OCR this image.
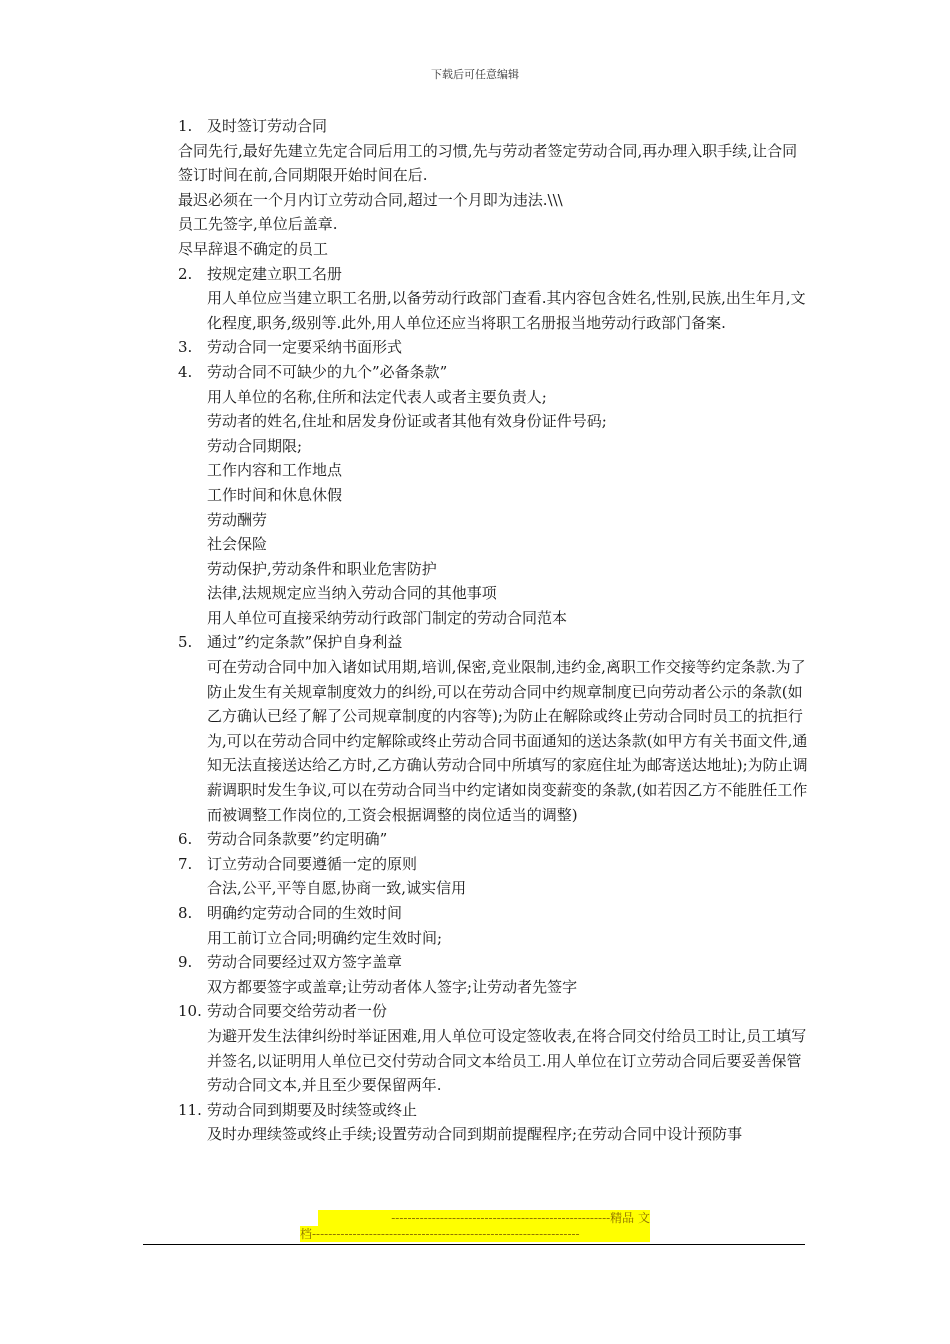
下载后可任意编辑
1. 及时签订劳动合同

合同先行,最好先建立先定合同后用工的习惯,先与劳动者签定劳动合同,再办理入职手续,让合同签订时间在前,合同期限开始时间在后.

最迟必须在一个月内订立劳动合同,超过一个月即为违法.\\\

员工先签字,单位后盖章.

尽早辞退不确定的员工

2. 按规定建立职工名册
用人单位应当建立职工名册,以备劳动行政部门查看.其内容包含姓名,性别,民族,出生年月,文化程度,职务,级别等.此外,用人单位还应当将职工名册报当地劳动行政部门备案.
3. 劳动合同一定要采纳书面形式
4. 劳动合同不可缺少的九个”必备条款”
用人单位的名称,住所和法定代表人或者主要负责人;
劳动者的姓名,住址和居发身份证或者其他有效身份证件号码;
劳动合同期限;
工作内容和工作地点
工作时间和休息休假
劳动酬劳
社会保险
劳动保护,劳动条件和职业危害防护
法律,法规规定应当纳入劳动合同的其他事项
用人单位可直接采纳劳动行政部门制定的劳动合同范本
5. 通过”约定条款”保护自身利益
可在劳动合同中加入诸如试用期,培训,保密,竞业限制,违约金,离职工作交接等约定条款.为了防止发生有关规章制度效力的纠纷,可以在劳动合同中约规章制度已向劳动者公示的条款(如乙方确认已经了解了公司规章制度的内容等);为防止在解除或终止劳动合同时员工的抗拒行为,可以在劳动合同中约定解除或终止劳动合同书面通知的送达条款(如甲方有关书面文件,通知无法直接送达给乙方时,乙方确认劳动合同中所填写的家庭住址为邮寄送达地址);为防止调薪调职时发生争议,可以在劳动合同当中约定诸如岗变薪变的条款,(如若因乙方不能胜任工作而被调整工作岗位的,工资会根据调整的岗位适当的调整)
6. 劳动合同条款要”约定明确”
7. 订立劳动合同要遵循一定的原则
合法,公平,平等自愿,协商一致,诚实信用
8. 明确约定劳动合同的生效时间
用工前订立合同;明确约定生效时间;
9. 劳动合同要经过双方签字盖章
双方都要签字或盖章;让劳动者体人签字;让劳动者先签字
10. 劳动合同要交给劳动者一份
为避开发生法律纠纷时举证困难,用人单位可设定签收表,在将合同交付给员工时让,员工填写并签名,以证明用人单位已交付劳动合同文本给员工.用人单位在订立劳动合同后要妥善保管劳动合同文本,并且至少要保留两年.
11. 劳动合同到期要及时续签或终止
及时办理续签或终止手续;设置劳动合同到期前提醒程序;在劳动合同中设计预防事
------------------------------------------------------精品 文
档------------------------------------------------------------------
